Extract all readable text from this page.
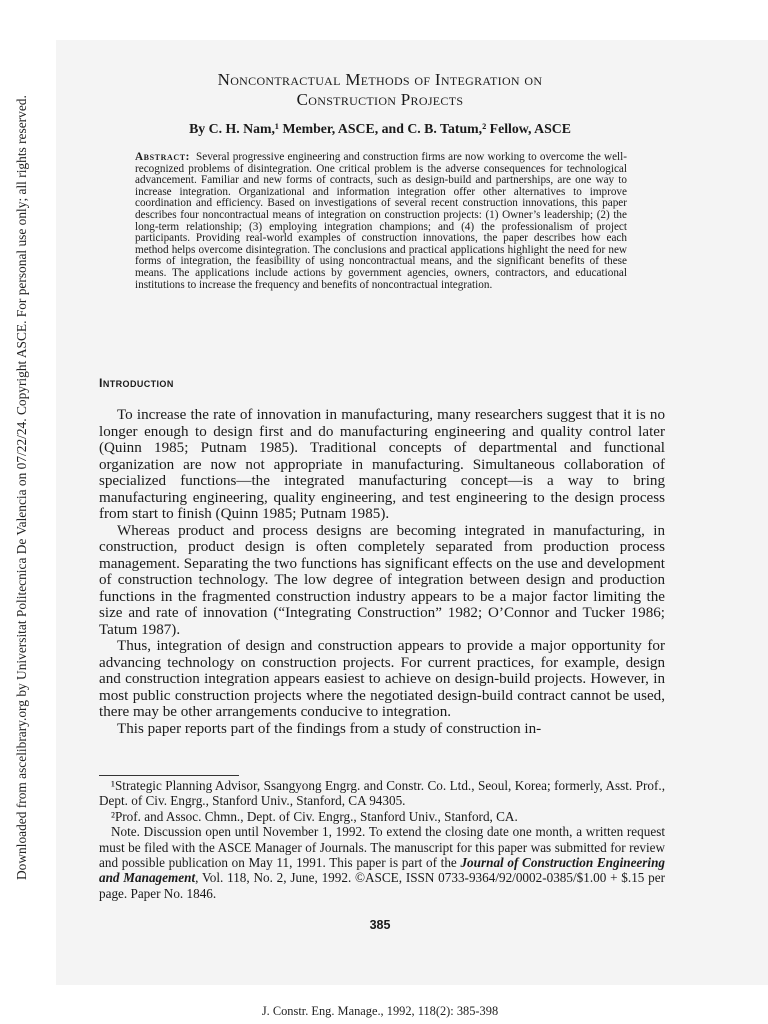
Downloaded from ascelibrary.org by Universitat Politecnica De Valencia on 07/22/24. Copyright ASCE. For personal use only; all rights reserved.
Noncontractual Methods of Integration on
Construction Projects
By C. H. Nam,¹ Member, ASCE, and C. B. Tatum,² Fellow, ASCE
Abstract: Several progressive engineering and construction firms are now working to overcome the well-recognized problems of disintegration. One critical problem is the adverse consequences for technological advancement. Familiar and new forms of contracts, such as design-build and partnerships, are one way to increase integration. Organizational and information integration offer other alternatives to improve coordination and efficiency. Based on investigations of several recent construction innovations, this paper describes four noncontractual means of integration on construction projects: (1) Owner’s leadership; (2) the long-term relationship; (3) employing integration champions; and (4) the professionalism of project participants. Providing real-world examples of construction innovations, the paper describes how each method helps overcome disintegration. The conclusions and practical applications highlight the need for new forms of integration, the feasibility of using noncontractual means, and the significant benefits of these means. The applications include actions by government agencies, owners, contractors, and educational institutions to increase the frequency and benefits of noncontractual integration.
Introduction

To increase the rate of innovation in manufacturing, many researchers suggest that it is no longer enough to design first and do manufacturing engineering and quality control later (Quinn 1985; Putnam 1985). Traditional concepts of departmental and functional organization are now not appropriate in manufacturing. Simultaneous collaboration of specialized functions—the integrated manufacturing concept—is a way to bring manufacturing engineering, quality engineering, and test engineering to the design process from start to finish (Quinn 1985; Putnam 1985).

Whereas product and process designs are becoming integrated in manufacturing, in construction, product design is often completely separated from production process management. Separating the two functions has significant effects on the use and development of construction technology. The low degree of integration between design and production functions in the fragmented construction industry appears to be a major factor limiting the size and rate of innovation (“Integrating Construction” 1982; O’Connor and Tucker 1986; Tatum 1987).

Thus, integration of design and construction appears to provide a major opportunity for advancing technology on construction projects. For current practices, for example, design and construction integration appears easiest to achieve on design-build projects. However, in most public construction projects where the negotiated design-build contract cannot be used, there may be other arrangements conducive to integration.

This paper reports part of the findings from a study of construction in-

¹Strategic Planning Advisor, Ssangyong Engrg. and Constr. Co. Ltd., Seoul, Korea; formerly, Asst. Prof., Dept. of Civ. Engrg., Stanford Univ., Stanford, CA 94305.

²Prof. and Assoc. Chmn., Dept. of Civ. Engrg., Stanford Univ., Stanford, CA.

Note. Discussion open until November 1, 1992. To extend the closing date one month, a written request must be filed with the ASCE Manager of Journals. The manuscript for this paper was submitted for review and possible publication on May 11, 1991. This paper is part of the Journal of Construction Engineering and Management, Vol. 118, No. 2, June, 1992. ©ASCE, ISSN 0733-9364/92/0002-0385/$1.00 + $.15 per page. Paper No. 1846.

385
J. Constr. Eng. Manage., 1992, 118(2): 385-398
